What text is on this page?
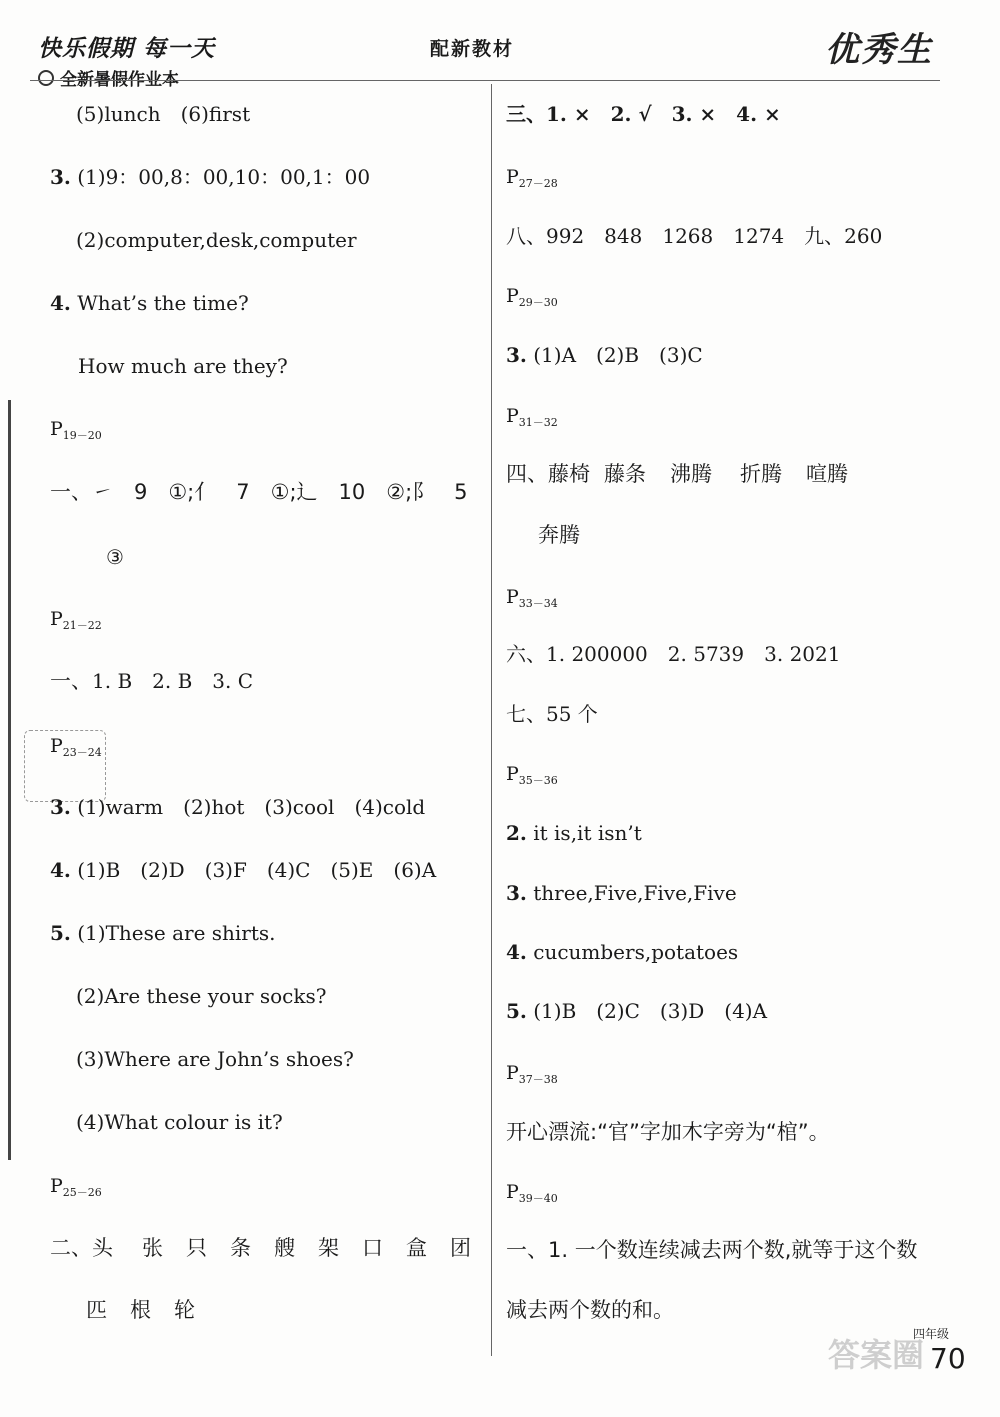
快乐假期 每一天
全新暑假作业本
配新教材	优秀生
(5)lunch　(6)first
3. (1)9：00,8：00,10：00,1：00
(2)computer,desk,computer
4. What’s the time?
How much are they?
$P_{19-20}$
一、㇀　9　①;亻　7　①;辶　10　②;阝　5
③
$P_{21-22}$
一、1. B　2. B　3. C
$P_{23-24}$
3. (1)warm　(2)hot　(3)cool　(4)cold
4. (1)B　(2)D　(3)F　(4)C　(5)E　(6)A
5. (1)These are shirts.
(2)Are these your socks?
(3)Where are John’s shoes?
(4)What colour is it?
$P_{25-26}$
二、头 张 只 条 艘 架 口 盒 团
匹 根 轮
三、1. ×　2. √　3. ×　4. ×
$P_{27-28}$
八、992　848　1268　1274　九、260
$P_{29-30}$
3. (1)A　(2)B　(3)C
$P_{31-32}$
四、藤椅 藤条 沸腾 折腾 喧腾
奔腾
$P_{33-34}$
六、1. 200000　2. 5739　3. 2021
七、55 个
$P_{35-36}$
2. it is,it isn’t
3. three,Five,Five,Five
4. cucumbers,potatoes
5. (1)B　(2)C　(3)D　(4)A
$P_{37-38}$
开心漂流:“官”字加木字旁为“棺”。
$P_{39-40}$
一、1. 一个数连续减去两个数,就等于这个数
减去两个数的和。
四年级
答案圈 70
